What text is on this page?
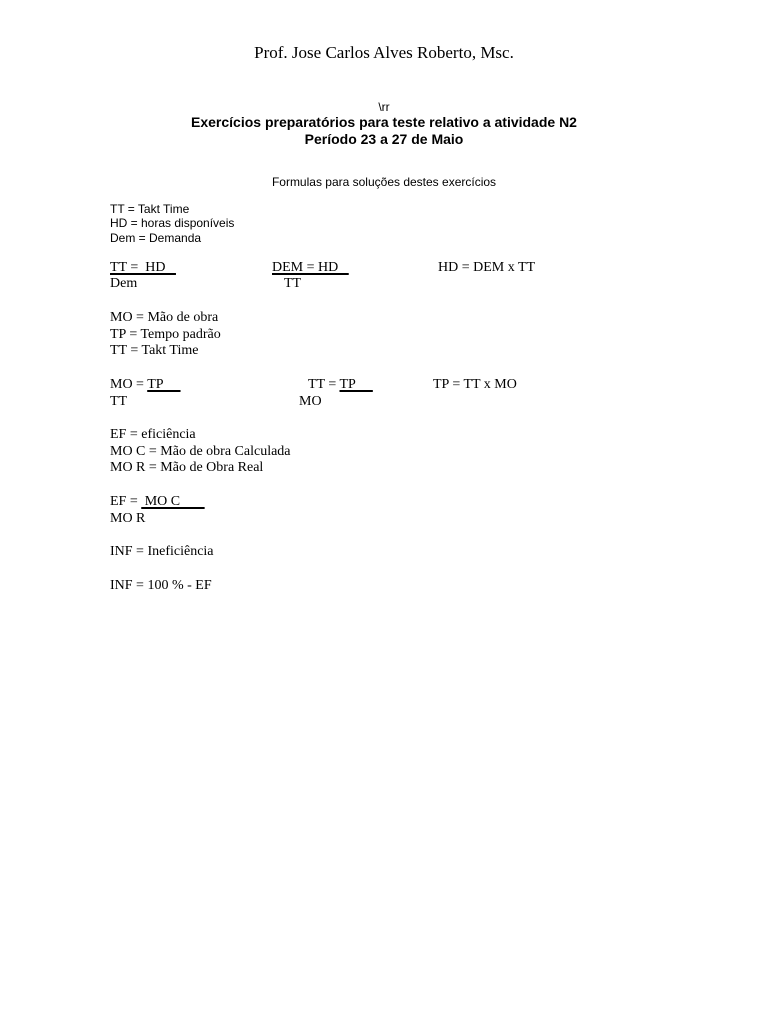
Prof. Jose Carlos Alves Roberto, Msc.
\rr
Exercícios preparatórios para teste relativo a atividade N2
Período 23 a 27 de Maio
Formulas para soluções destes exercícios
TT = Takt Time
HD = horas disponíveis
Dem = Demanda
TT =  HD
Dem
DEM = HD
TT
HD = DEM x TT
MO = Mão de obra
TP = Tempo padrão
TT = Takt Time
MO = TP
TT
TT = TP
MO
TP = TT x MO
EF = eficiência
MO C = Mão de obra Calculada
MO R = Mão de Obra Real
EF =  MO C
MO R
INF = Ineficiência
INF = 100 % - EF
